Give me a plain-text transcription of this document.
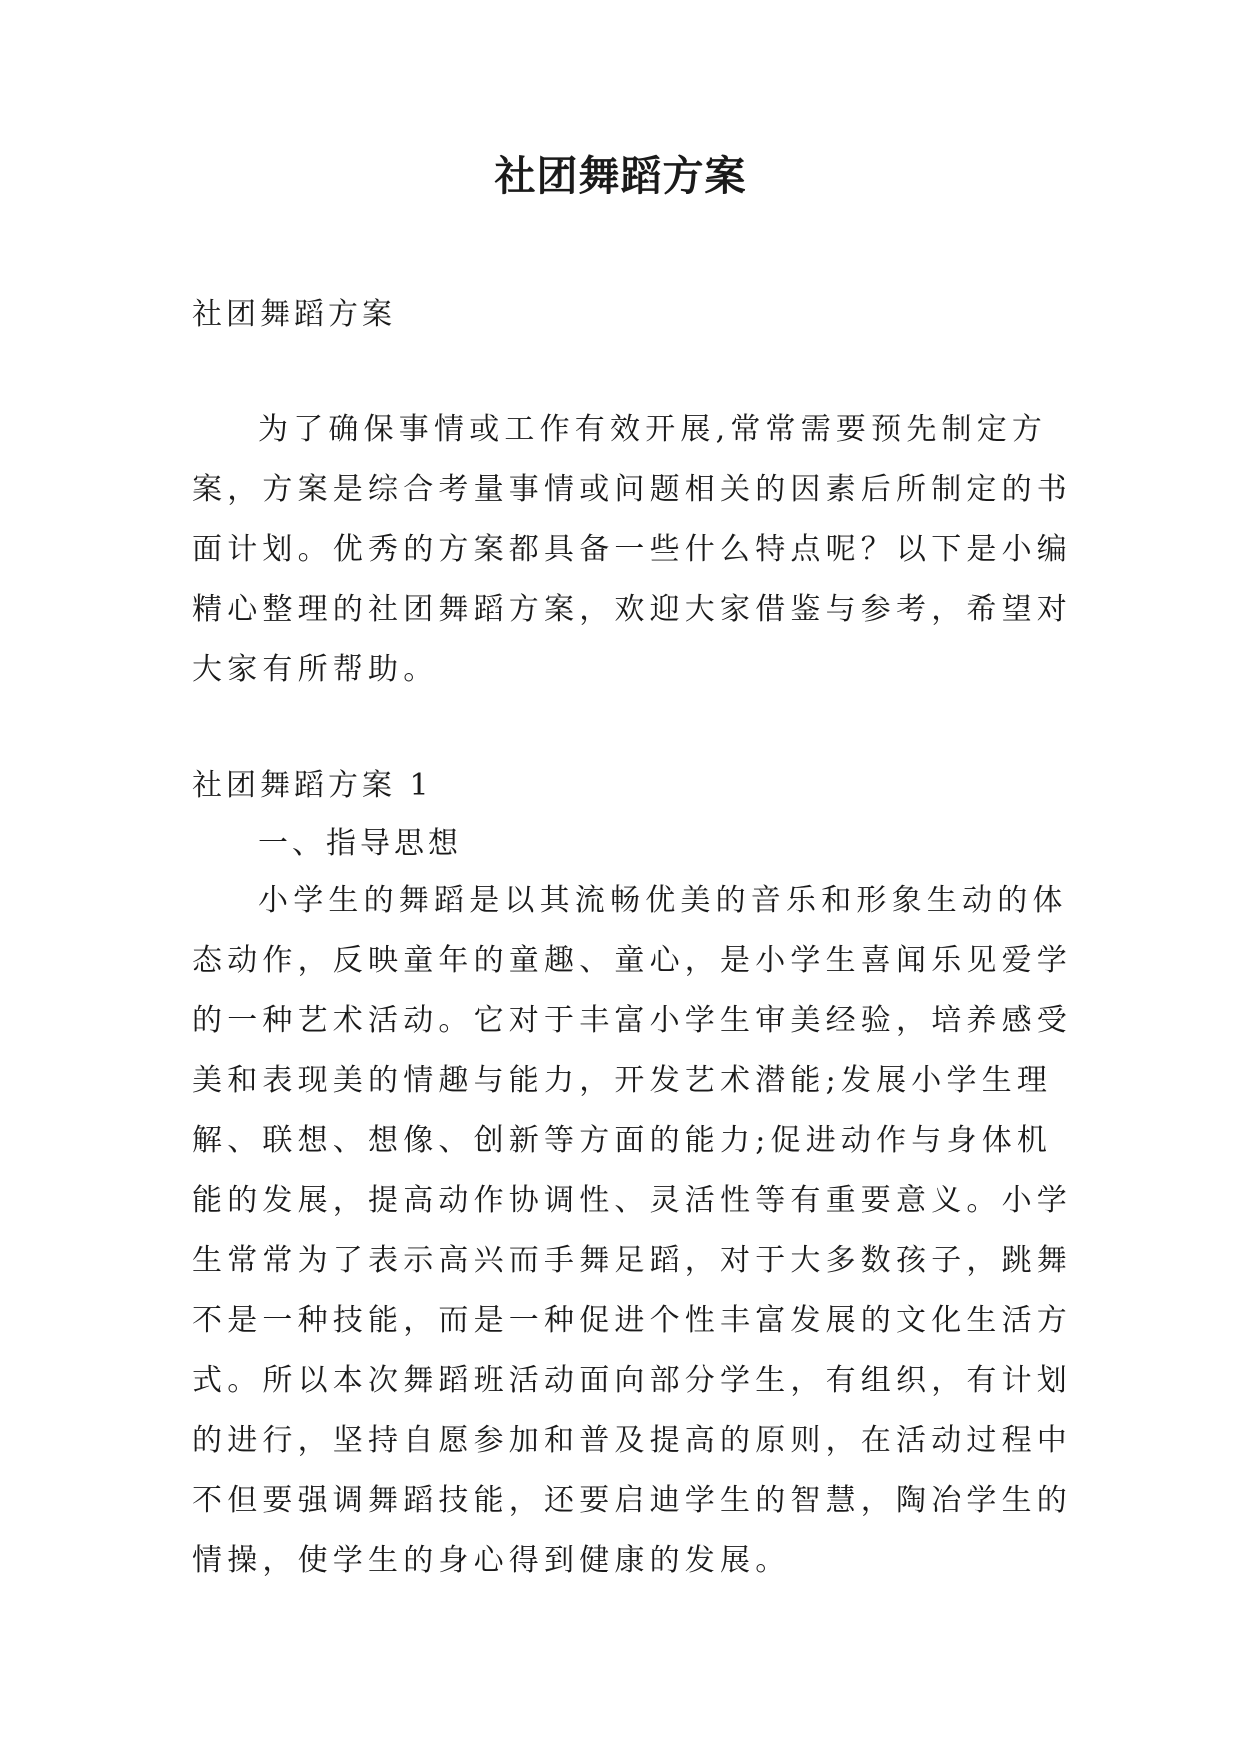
社团舞蹈方案

社团舞蹈方案

为了确保事情或工作有效开展,常常需要预先制定方案，方案是综合考量事情或问题相关的因素后所制定的书面计划。优秀的方案都具备一些什么特点呢？以下是小编精心整理的社团舞蹈方案，欢迎大家借鉴与参考，希望对大家有所帮助。

社团舞蹈方案 1

一、指导思想

小学生的舞蹈是以其流畅优美的音乐和形象生动的体态动作，反映童年的童趣、童心，是小学生喜闻乐见爱学的一种艺术活动。它对于丰富小学生审美经验，培养感受美和表现美的情趣与能力，开发艺术潜能;发展小学生理解、联想、想像、创新等方面的能力;促进动作与身体机能的发展，提高动作协调性、灵活性等有重要意义。小学生常常为了表示高兴而手舞足蹈，对于大多数孩子，跳舞不是一种技能，而是一种促进个性丰富发展的文化生活方式。所以本次舞蹈班活动面向部分学生，有组织，有计划的进行，坚持自愿参加和普及提高的原则，在活动过程中不但要强调舞蹈技能，还要启迪学生的智慧，陶冶学生的情操，使学生的身心得到健康的发展。
